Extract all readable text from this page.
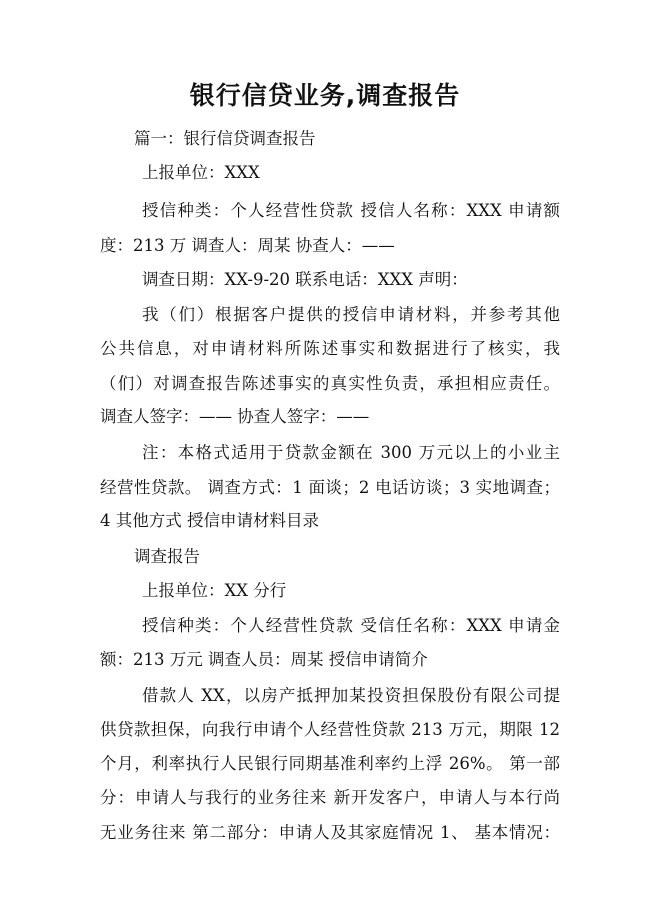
银行信贷业务,调查报告
篇一：银行信贷调查报告
上报单位：XXX
授信种类：个人经营性贷款 授信人名称：XXX 申请额
度：213 万 调查人：周某 协查人：——
调查日期：XX-9-20 联系电话：XXX 声明：
我（们）根据客户提供的授信申请材料，并参考其他
公共信息，对申请材料所陈述事实和数据进行了核实，我
（们）对调查报告陈述事实的真实性负责，承担相应责任。
调查人签字：—— 协查人签字：——
注：本格式适用于贷款金额在 300 万元以上的小业主
经营性贷款。 调查方式：1 面谈；2 电话访谈；3 实地调查；
4 其他方式 授信申请材料目录
调查报告
上报单位：XX 分行
授信种类：个人经营性贷款 受信任名称：XXX 申请金
额：213 万元 调查人员：周某 授信申请简介
借款人 XX，以房产抵押加某投资担保股份有限公司提
供贷款担保，向我行申请个人经营性贷款 213 万元，期限 12
个月，利率执行人民银行同期基准利率约上浮 26%。 第一部
分：申请人与我行的业务往来 新开发客户，申请人与本行尚
无业务往来 第二部分：申请人及其家庭情况 1、 基本情况：
